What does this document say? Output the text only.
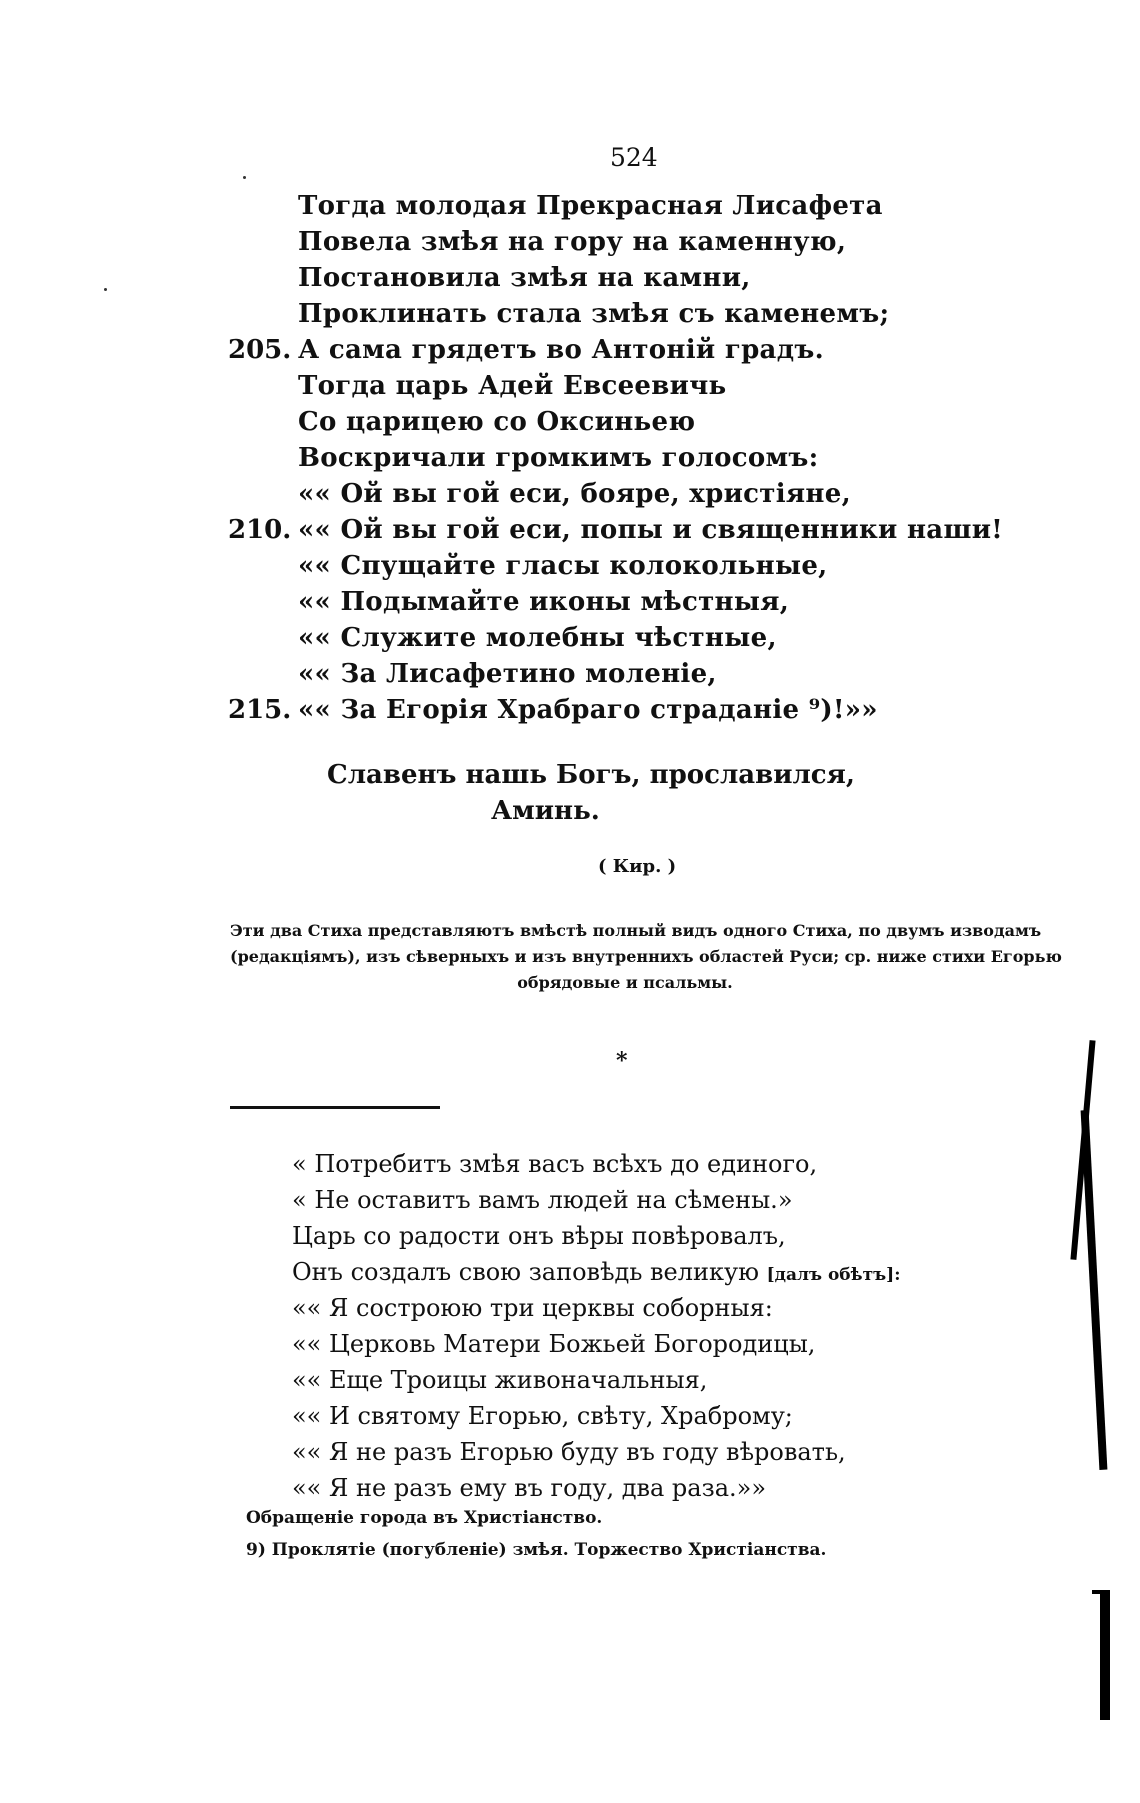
524
Тогда молодая Прекрасная Лисафета
Повела змѣя на гору на каменную,
Постановила змѣя на камни,
Проклинать стала змѣя съ каменемъ;
205. А сама грядетъ во Антоній градъ.
Тогда царь Адей Евсеевичь
Со царицею со Оксиньею
Воскричали громкимъ голосомъ:
«« Ой вы гой еси, бояре, христіяне,
210. «« Ой вы гой еси, попы и священники наши!
«« Спущайте гласы колокольные,
«« Подымайте иконы мѣстныя,
«« Служите молебны чѣстные,
«« За Лисафетино моленіе,
215. «« За Егорія Храбраго страданіе ⁹)!»»
Славенъ нашь Богъ, прославился,
Аминь.
( Кир. )
Эти два Стиха представляютъ вмѣстѣ полный видъ одного Стиха, по двумъ изводамъ
(редакціямъ), изъ сѣверныхъ и изъ внутреннихъ областей Руси; ср. ниже стихи Егорью
обрядовые и псальмы.
*
« Потребитъ змѣя васъ всѣхъ до единого,
« Не оставитъ вамъ людей на сѣмены.»
Царь со радости онъ вѣры повѣровалъ,
Онъ создалъ свою заповѣдь великую [далъ обѣтъ]:
«« Я состроюю три церквы соборныя:
«« Церковь Матери Божьей Богородицы,
«« Еще Троицы живоначальныя,
«« И святому Егорью, свѣту, Храброму;
«« Я не разъ Егорью буду въ году вѣровать,
«« Я не разъ ему въ году, два раза.»»
Обращеніе города въ Христіанство.
9) Проклятіе (погубленіе) змѣя. Торжество Христіанства.
